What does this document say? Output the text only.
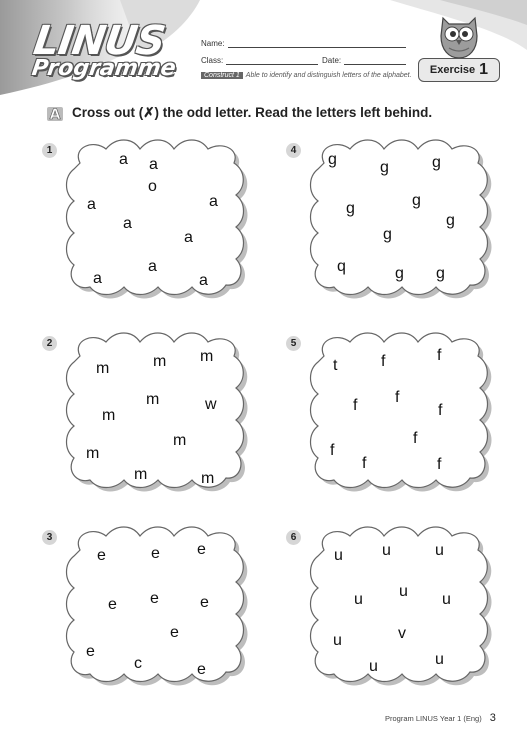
LINUS
Programme
Name:
Class:	Date:
Construct 1 Able to identify and distinguish letters of the alphabet. Exercise 1
A Cross out (✗) the odd letter. Read the letters left behind.
1
a a
o
a	a
a
a
a
a	a
2
m	m m
m
m
w
m
m
m	m
3
e	e e
e e	e
e
e
c	e
4
g	g	g
g	g
g
g
q	g g
5
t	f	f
f f
f
f
f
f	f
6
u u	u
u u u
u	v
u	u
Program LINUS Year 1 (Eng) 3
